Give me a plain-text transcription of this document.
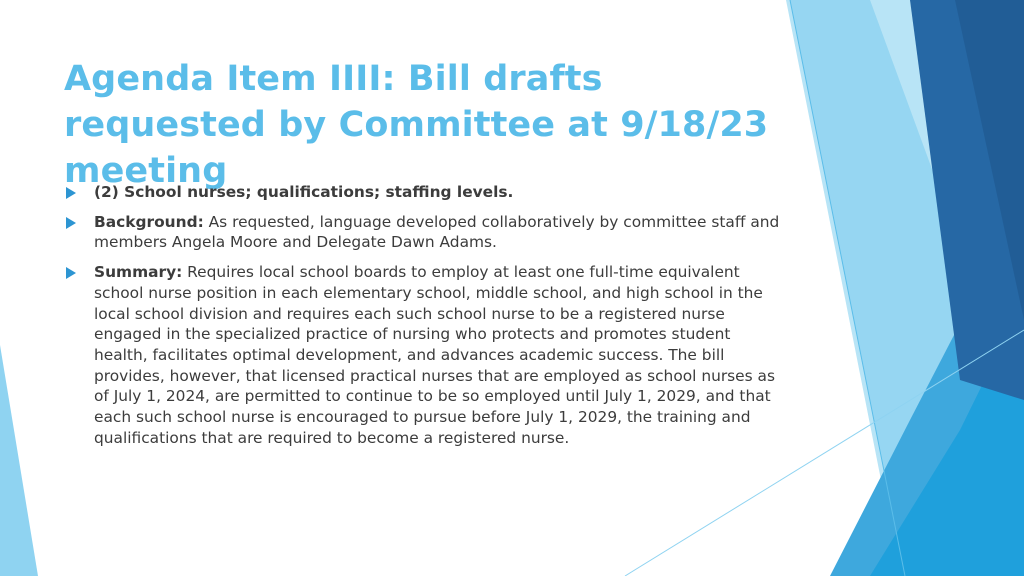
Agenda Item IIII: Bill drafts requested by Committee at 9/18/23 meeting
(2) School nurses; qualifications; staffing levels.
Background: As requested, language developed collaboratively by committee staff and members Angela Moore and Delegate Dawn Adams.
Summary: Requires local school boards to employ at least one full-time equivalent school nurse position in each elementary school, middle school, and high school in the local school division and requires each such school nurse to be a registered nurse engaged in the specialized practice of nursing who protects and promotes student health, facilitates optimal development, and advances academic success. The bill provides, however, that licensed practical nurses that are employed as school nurses as of July 1, 2024, are permitted to continue to be so employed until July 1, 2029, and that each such school nurse is encouraged to pursue before July 1, 2029, the training and qualifications that are required to become a registered nurse.
